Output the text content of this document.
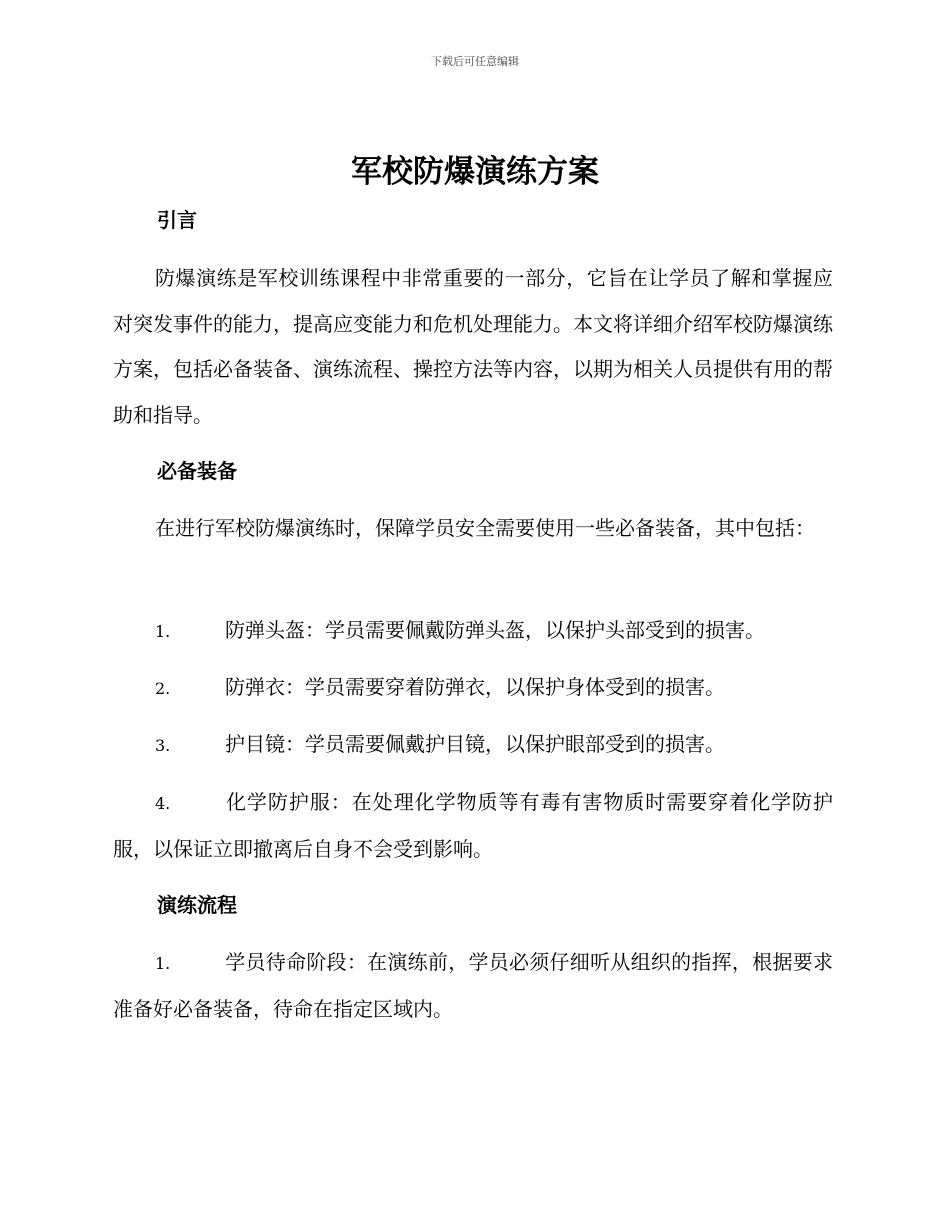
下载后可任意编辑
军校防爆演练方案
引言

防爆演练是军校训练课程中非常重要的一部分，它旨在让学员了解和掌握应对突发事件的能力，提高应变能力和危机处理能力。本文将详细介绍军校防爆演练方案，包括必备装备、演练流程、操控方法等内容，以期为相关人员提供有用的帮助和指导。

必备装备

在进行军校防爆演练时，保障学员安全需要使用一些必备装备，其中包括：

1.	防弹头盔：学员需要佩戴防弹头盔，以保护头部受到的损害。

2.	防弹衣：学员需要穿着防弹衣，以保护身体受到的损害。

3.	护目镜：学员需要佩戴护目镜，以保护眼部受到的损害。

4.	化学防护服：在处理化学物质等有毒有害物质时需要穿着化学防护服，以保证立即撤离后自身不会受到影响。

演练流程

1.	学员待命阶段：在演练前，学员必须仔细听从组织的指挥，根据要求准备好必备装备，待命在指定区域内。
